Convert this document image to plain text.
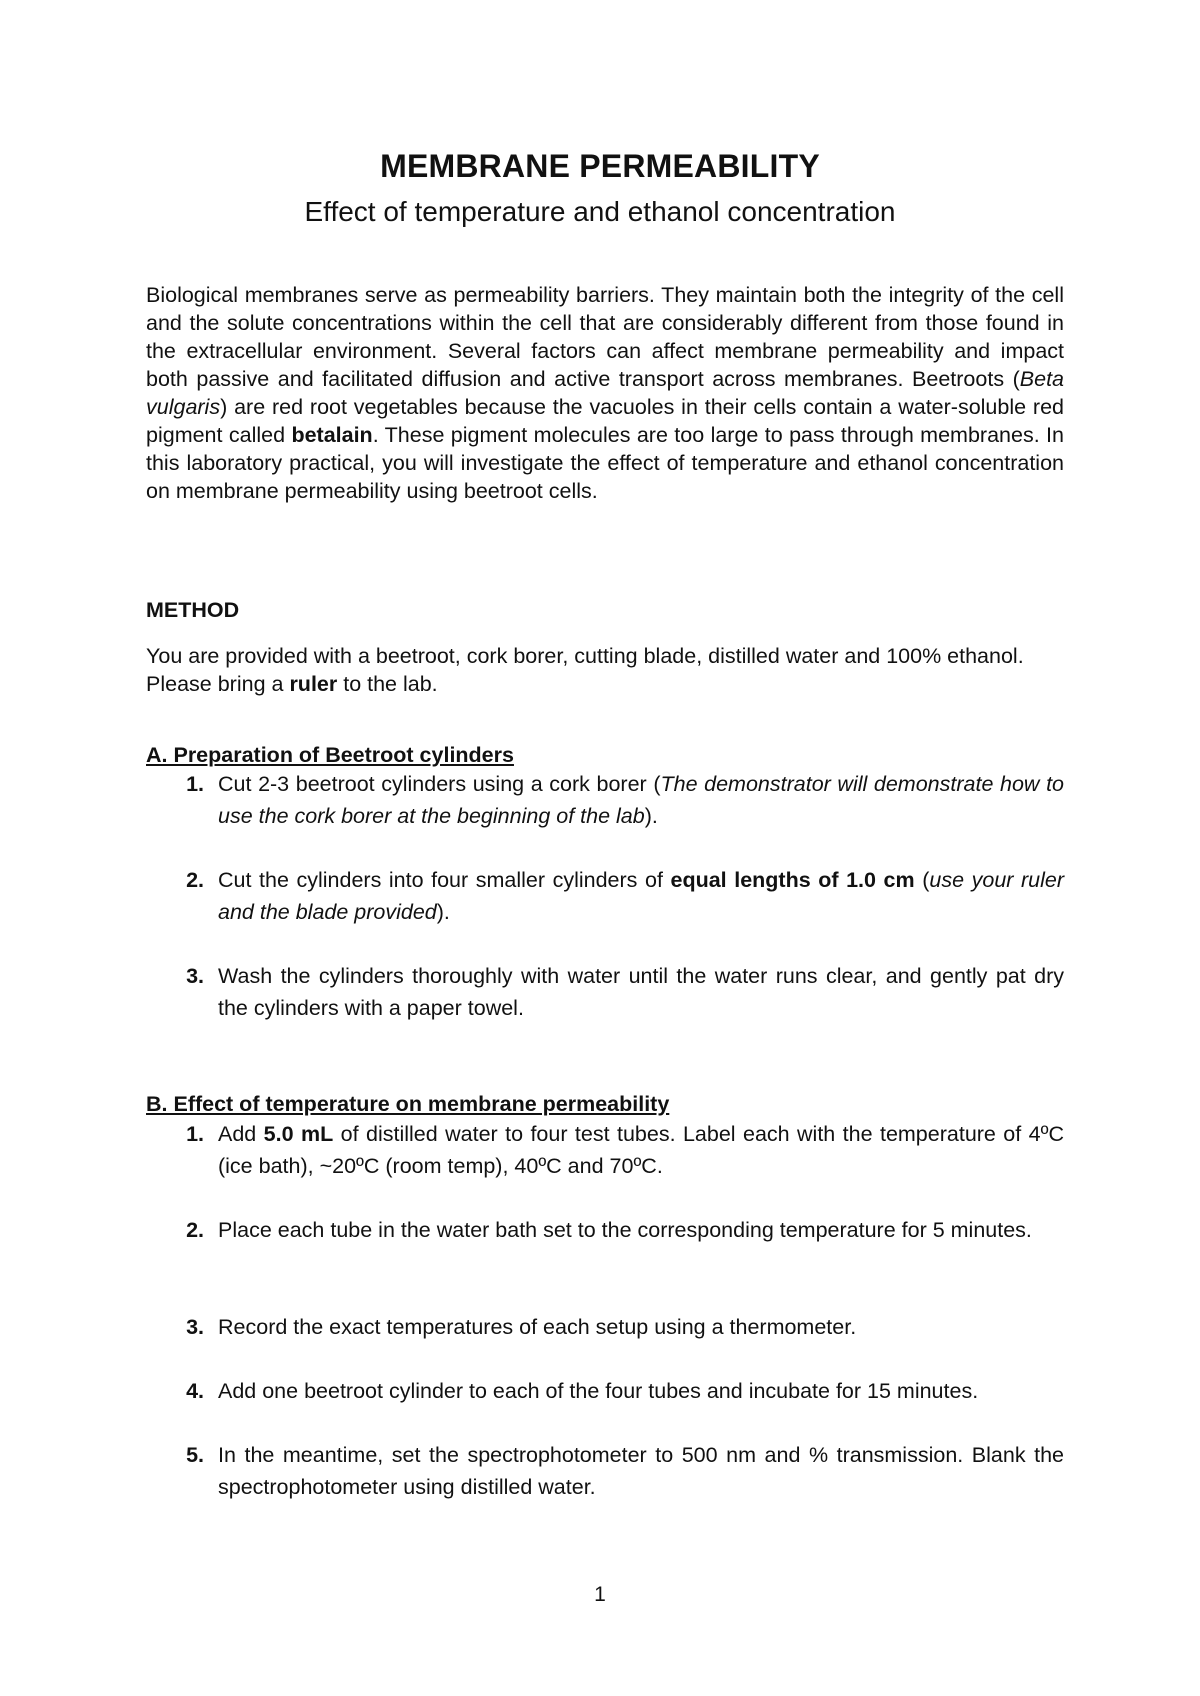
MEMBRANE PERMEABILITY
Effect of temperature and ethanol concentration

Biological membranes serve as permeability barriers. They maintain both the integrity of the cell and the solute concentrations within the cell that are considerably different from those found in the extracellular environment. Several factors can affect membrane permeability and impact both passive and facilitated diffusion and active transport across membranes. Beetroots (Beta vulgaris) are red root vegetables because the vacuoles in their cells contain a water-soluble red pigment called betalain. These pigment molecules are too large to pass through membranes. In this laboratory practical, you will investigate the effect of temperature and ethanol concentration on membrane permeability using beetroot cells.

METHOD

You are provided with a beetroot, cork borer, cutting blade, distilled water and 100% ethanol. Please bring a ruler to the lab.

A. Preparation of Beetroot cylinders
1. Cut 2-3 beetroot cylinders using a cork borer (The demonstrator will demonstrate how to use the cork borer at the beginning of the lab).
2. Cut the cylinders into four smaller cylinders of equal lengths of 1.0 cm (use your ruler and the blade provided).
3. Wash the cylinders thoroughly with water until the water runs clear, and gently pat dry the cylinders with a paper towel.
B. Effect of temperature on membrane permeability
1. Add 5.0 mL of distilled water to four test tubes. Label each with the temperature of 4ºC (ice bath), ~20ºC (room temp), 40ºC and 70ºC.
2. Place each tube in the water bath set to the corresponding temperature for 5 minutes.
3. Record the exact temperatures of each setup using a thermometer.
4. Add one beetroot cylinder to each of the four tubes and incubate for 15 minutes.
5. In the meantime, set the spectrophotometer to 500 nm and % transmission. Blank the spectrophotometer using distilled water.
1
